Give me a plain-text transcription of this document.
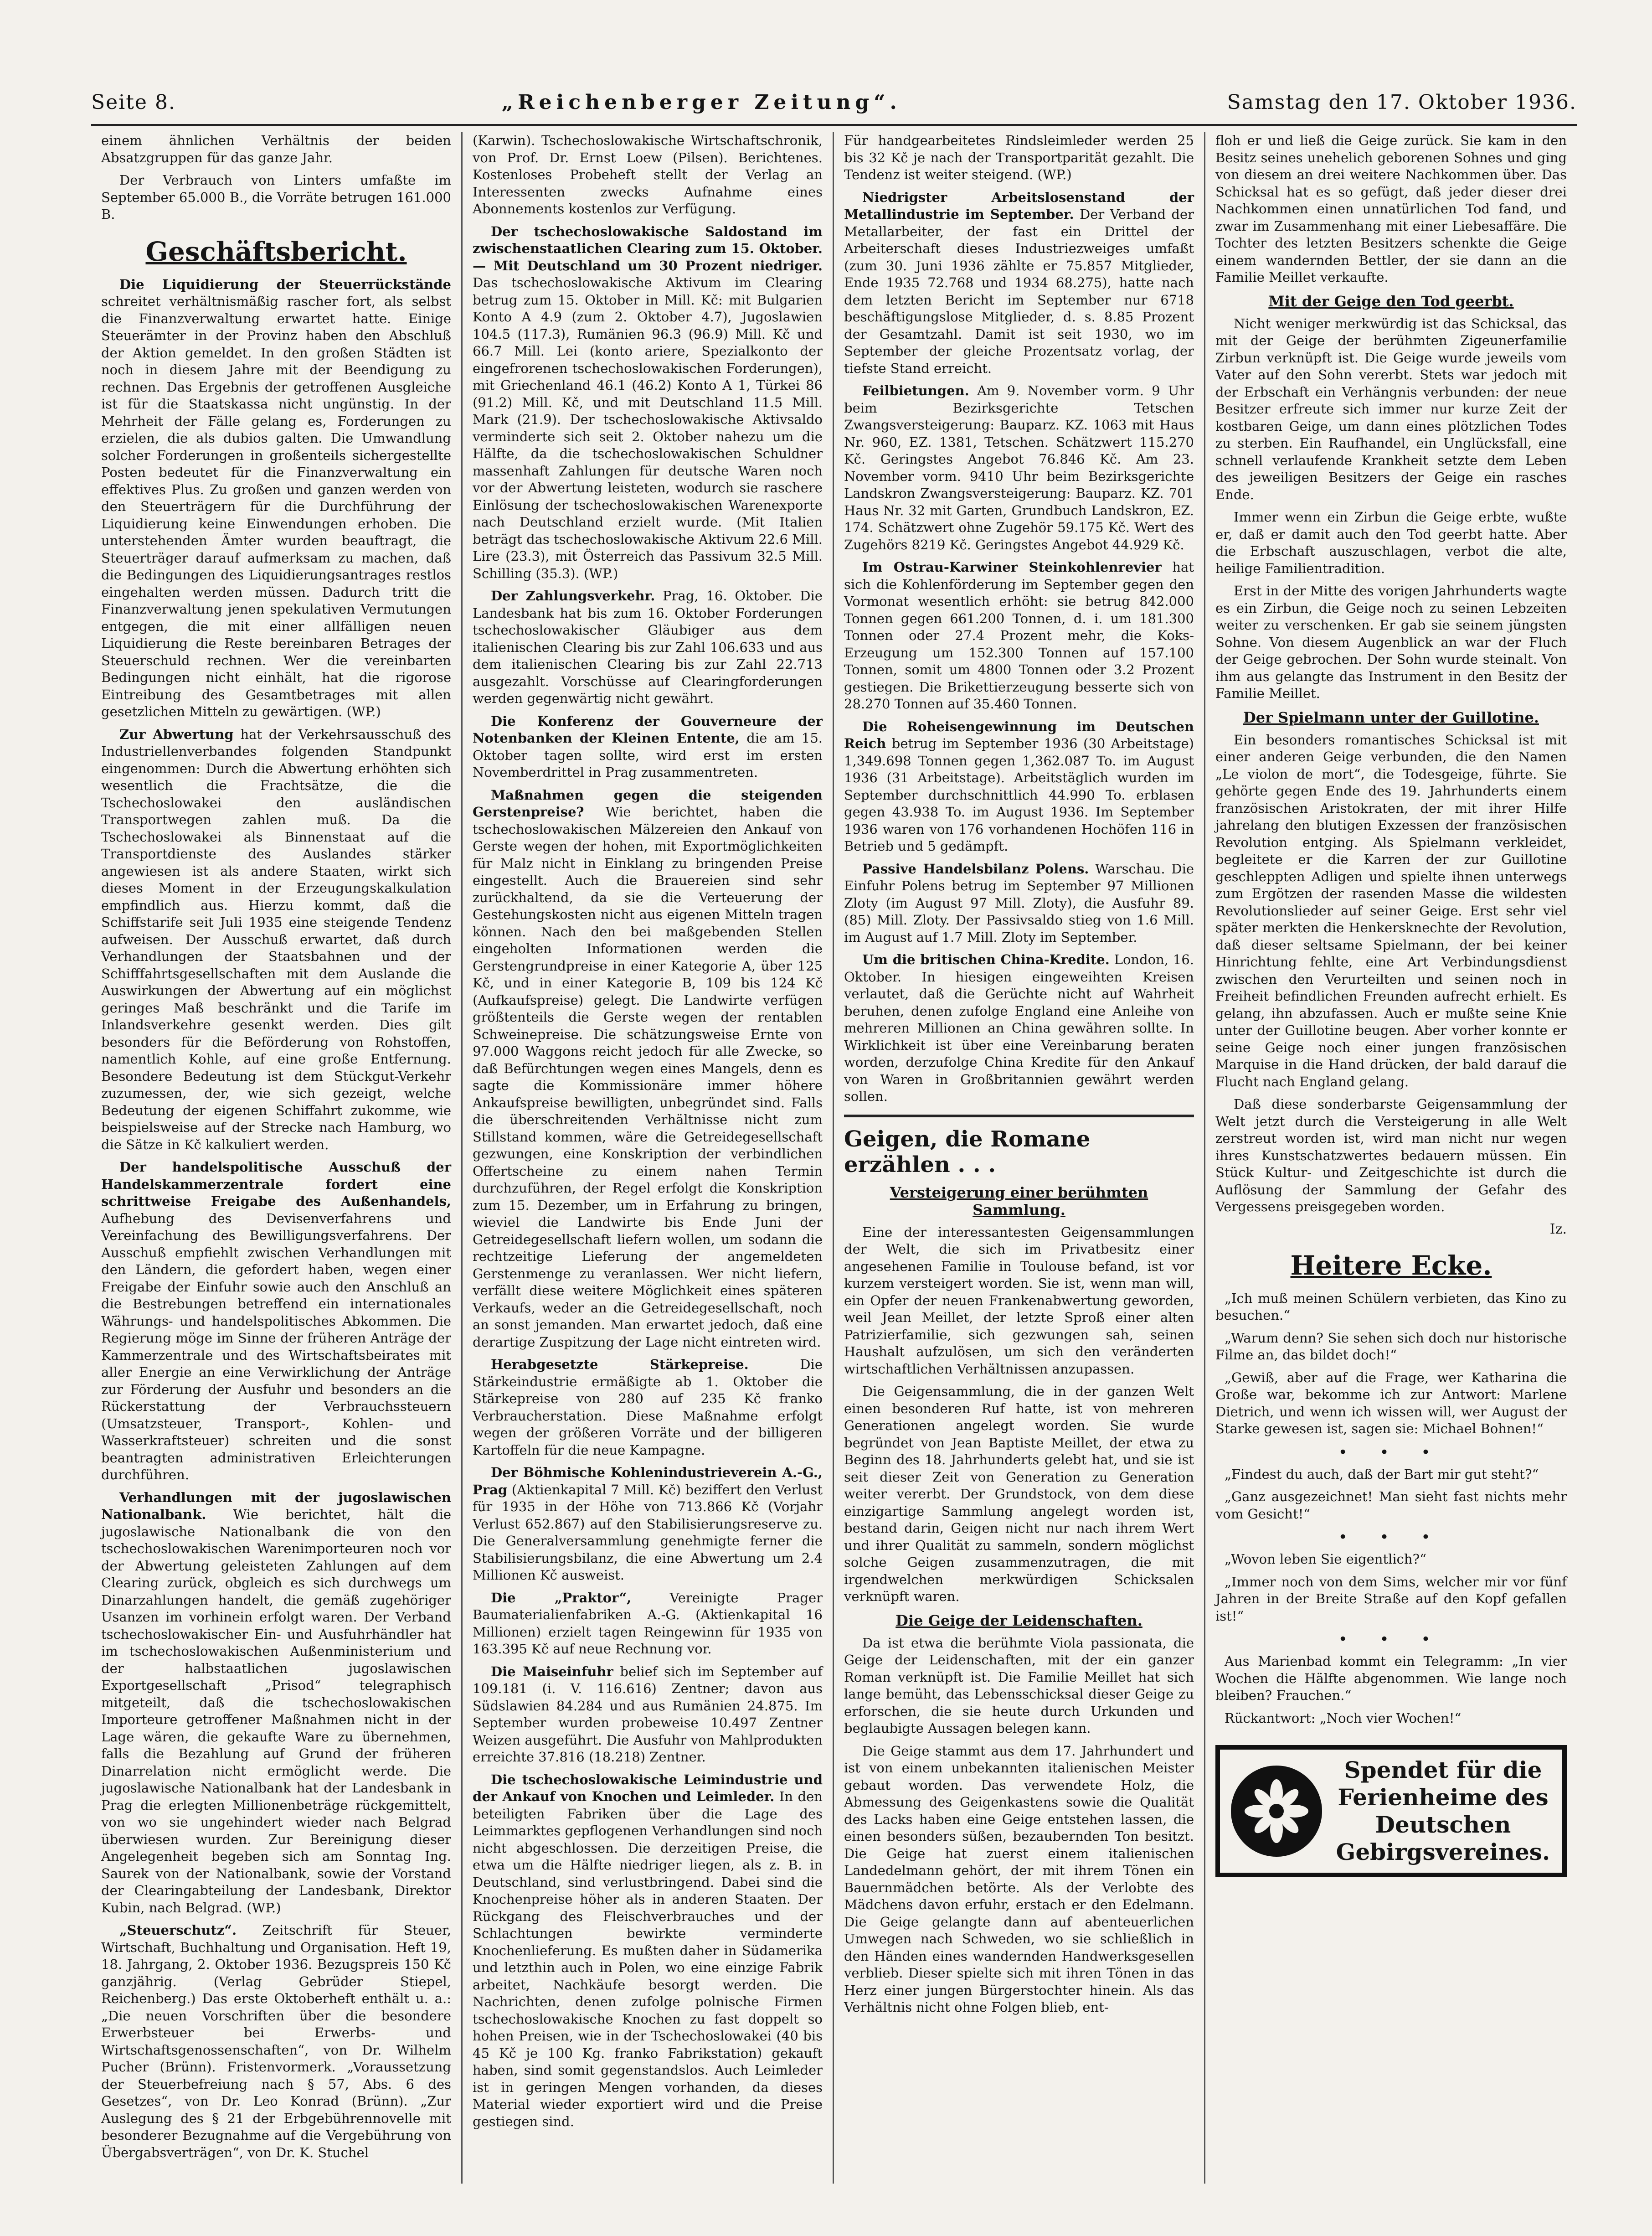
Seite 8.	„Reichenberger Zeitung“.	Samstag den 17. Oktober 1936.

einem ähnlichen Verhältnis der beiden Absatzgruppen für das ganze Jahr.

Der Verbrauch von Linters umfaßte im September 65.000 B., die Vorräte betrugen 161.000 B.

Geschäftsbericht.

Die Liquidierung der Steuerrückstände schreitet verhältnismäßig rascher fort, als selbst die Finanzverwaltung erwartet hatte. Einige Steuerämter in der Provinz haben den Abschluß der Aktion gemeldet. In den großen Städten ist noch in diesem Jahre mit der Beendigung zu rechnen. Das Ergebnis der getroffenen Ausgleiche ist für die Staatskassa nicht ungünstig. In der Mehrheit der Fälle gelang es, Forderungen zu erzielen, die als dubios galten. Die Umwandlung solcher Forderungen in großenteils sichergestellte Posten bedeutet für die Finanzverwaltung ein effektives Plus. Zu großen und ganzen werden von den Steuerträgern für die Durchführung der Liquidierung keine Einwendungen erhoben. Die unterstehenden Ämter wurden beauftragt, die Steuerträger darauf aufmerksam zu machen, daß die Bedingungen des Liquidierungsantrages restlos eingehalten werden müssen. Dadurch tritt die Finanzverwaltung jenen spekulativen Vermutungen entgegen, die mit einer allfälligen neuen Liquidierung die Reste bereinbaren Betrages der Steuerschuld rechnen. Wer die vereinbarten Bedingungen nicht einhält, hat die rigorose Eintreibung des Gesamtbetrages mit allen gesetzlichen Mitteln zu gewärtigen. (WP.)

Zur Abwertung hat der Verkehrsausschuß des Industriellenverbandes folgenden Standpunkt eingenommen: Durch die Abwertung erhöhten sich wesentlich die Frachtsätze, die die Tschechoslowakei den ausländischen Transportwegen zahlen muß. Da die Tschechoslowakei als Binnenstaat auf die Transportdienste des Auslandes stärker angewiesen ist als andere Staaten, wirkt sich dieses Moment in der Erzeugungskalkulation empfindlich aus. Hierzu kommt, daß die Schiffstarife seit Juli 1935 eine steigende Tendenz aufweisen. Der Ausschuß erwartet, daß durch Verhandlungen der Staatsbahnen und der Schifffahrtsgesellschaften mit dem Auslande die Auswirkungen der Abwertung auf ein möglichst geringes Maß beschränkt und die Tarife im Inlandsverkehre gesenkt werden. Dies gilt besonders für die Beförderung von Rohstoffen, namentlich Kohle, auf eine große Entfernung. Besondere Bedeutung ist dem Stückgut-Verkehr zuzumessen, der, wie sich gezeigt, welche Bedeutung der eigenen Schiffahrt zukomme, wie beispielsweise auf der Strecke nach Hamburg, wo die Sätze in Kč kalkuliert werden.

Der handelspolitische Ausschuß der Handelskammerzentrale fordert eine schrittweise Freigabe des Außenhandels, Aufhebung des Devisenverfahrens und Vereinfachung des Bewilligungsverfahrens. Der Ausschuß empfiehlt zwischen Verhandlungen mit den Ländern, die gefordert haben, wegen einer Freigabe der Einfuhr sowie auch den Anschluß an die Bestrebungen betreffend ein internationales Währungs- und handelspolitisches Abkommen. Die Regierung möge im Sinne der früheren Anträge der Kammerzentrale und des Wirtschaftsbeirates mit aller Energie an eine Verwirklichung der Anträge zur Förderung der Ausfuhr und besonders an die Rückerstattung der Verbrauchssteuern (Umsatzsteuer, Transport-, Kohlen- und Wasserkraftsteuer) schreiten und die sonst beantragten administrativen Erleichterungen durchführen.

Verhandlungen mit der jugoslawischen Nationalbank. Wie berichtet, hält die jugoslawische Nationalbank die von den tschechoslowakischen Warenimporteuren noch vor der Abwertung geleisteten Zahlungen auf dem Clearing zurück, obgleich es sich durchwegs um Dinarzahlungen handelt, die gemäß zugehöriger Usanzen im vorhinein erfolgt waren. Der Verband tschechoslowakischer Ein- und Ausfuhrhändler hat im tschechoslowakischen Außenministerium und der halbstaatlichen jugoslawischen Exportgesellschaft „Prisod“ telegraphisch mitgeteilt, daß die tschechoslowakischen Importeure getroffener Maßnahmen nicht in der Lage wären, die gekaufte Ware zu übernehmen, falls die Bezahlung auf Grund der früheren Dinarrelation nicht ermöglicht werde. Die jugoslawische Nationalbank hat der Landesbank in Prag die erlegten Millionenbeträge rückgemittelt, von wo sie ungehindert wieder nach Belgrad überwiesen wurden. Zur Bereinigung dieser Angelegenheit begeben sich am Sonntag Ing. Saurek von der Nationalbank, sowie der Vorstand der Clearingabteilung der Landesbank, Direktor Kubin, nach Belgrad. (WP.)

„Steuerschutz“. Zeitschrift für Steuer, Wirtschaft, Buchhaltung und Organisation. Heft 19, 18. Jahrgang, 2. Oktober 1936. Bezugspreis 150 Kč ganzjährig. (Verlag Gebrüder Stiepel, Reichenberg.) Das erste Oktoberheft enthält u. a.: „Die neuen Vorschriften über die besondere Erwerbsteuer bei Erwerbs- und Wirtschaftsgenossenschaften“, von Dr. Wilhelm Pucher (Brünn). Fristenvormerk. „Voraussetzung der Steuerbefreiung nach § 57, Abs. 6 des Gesetzes“, von Dr. Leo Konrad (Brünn). „Zur Auslegung des § 21 der Erbgebührennovelle mit besonderer Bezugnahme auf die Vergebührung von Übergabsverträgen“, von Dr. K. Stuchel

(Karwin). Tschechoslowakische Wirtschaftschronik, von Prof. Dr. Ernst Loew (Pilsen). Berichtenes. Kostenloses Probeheft stellt der Verlag an Interessenten zwecks Aufnahme eines Abonnements kostenlos zur Verfügung.

Der tschechoslowakische Saldostand im zwischenstaatlichen Clearing zum 15. Oktober. — Mit Deutschland um 30 Prozent niedriger. Das tschechoslowakische Aktivum im Clearing betrug zum 15. Oktober in Mill. Kč: mit Bulgarien Konto A 4.9 (zum 2. Oktober 4.7), Jugoslawien 104.5 (117.3), Rumänien 96.3 (96.9) Mill. Kč und 66.7 Mill. Lei (konto ariere, Spezialkonto der eingefrorenen tschechoslowakischen Forderungen), mit Griechenland 46.1 (46.2) Konto A 1, Türkei 86 (91.2) Mill. Kč, und mit Deutschland 11.5 Mill. Mark (21.9). Der tschechoslowakische Aktivsaldo verminderte sich seit 2. Oktober nahezu um die Hälfte, da die tschechoslowakischen Schuldner massenhaft Zahlungen für deutsche Waren noch vor der Abwertung leisteten, wodurch sie raschere Einlösung der tschechoslowakischen Warenexporte nach Deutschland erzielt wurde. (Mit Italien beträgt das tschechoslowakische Aktivum 22.6 Mill. Lire (23.3), mit Österreich das Passivum 32.5 Mill. Schilling (35.3). (WP.)

Der Zahlungsverkehr. Prag, 16. Oktober. Die Landesbank hat bis zum 16. Oktober Forderungen tschechoslowakischer Gläubiger aus dem italienischen Clearing bis zur Zahl 106.633 und aus dem italienischen Clearing bis zur Zahl 22.713 ausgezahlt. Vorschüsse auf Clearingforderungen werden gegenwärtig nicht gewährt.

Die Konferenz der Gouverneure der Notenbanken der Kleinen Entente, die am 15. Oktober tagen sollte, wird erst im ersten Novemberdrittel in Prag zusammentreten.

Maßnahmen gegen die steigenden Gerstenpreise? Wie berichtet, haben die tschechoslowakischen Mälzereien den Ankauf von Gerste wegen der hohen, mit Exportmöglichkeiten für Malz nicht in Einklang zu bringenden Preise eingestellt. Auch die Brauereien sind sehr zurückhaltend, da sie die Verteuerung der Gestehungskosten nicht aus eigenen Mitteln tragen können. Nach den bei maßgebenden Stellen eingeholten Informationen werden die Gerstengrundpreise in einer Kategorie A, über 125 Kč, und in einer Kategorie B, 109 bis 124 Kč (Aufkaufspreise) gelegt. Die Landwirte verfügen größtenteils die Gerste wegen der rentablen Schweinepreise. Die schätzungsweise Ernte von 97.000 Waggons reicht jedoch für alle Zwecke, so daß Befürchtungen wegen eines Mangels, denn es sagte die Kommissionäre immer höhere Ankaufspreise bewilligten, unbegründet sind. Falls die überschreitenden Verhältnisse nicht zum Stillstand kommen, wäre die Getreidegesellschaft gezwungen, eine Konskription der verbindlichen Offertscheine zu einem nahen Termin durchzuführen, der Regel erfolgt die Konskription zum 15. Dezember, um in Erfahrung zu bringen, wieviel die Landwirte bis Ende Juni der Getreidegesellschaft liefern wollen, um sodann die rechtzeitige Lieferung der angemeldeten Gerstenmenge zu veranlassen. Wer nicht liefern, verfällt diese weitere Möglichkeit eines späteren Verkaufs, weder an die Getreidegesellschaft, noch an sonst jemanden. Man erwartet jedoch, daß eine derartige Zuspitzung der Lage nicht eintreten wird.

Herabgesetzte Stärkepreise.	Die Stärkeindustrie ermäßigte ab 1. Oktober die Stärkepreise von 280 auf 235 Kč franko Verbraucherstation. Diese Maßnahme erfolgt wegen der größeren Vorräte und der billigeren Kartoffeln für die neue Kampagne.

Der Böhmische Kohlenindustrieverein A.-G., Prag (Aktienkapital 7 Mill. Kč) beziffert den Verlust für 1935 in der Höhe von 713.866 Kč (Vorjahr Verlust 652.867) auf den Stabilisierungsreserve zu. Die Generalversammlung genehmigte ferner die Stabilisierungsbilanz, die eine Abwertung um 2.4 Millionen Kč ausweist.

Die „Praktor“,	Vereinigte Prager Baumaterialienfabriken A.-G. (Aktienkapital 16 Millionen) erzielt tagen Reingewinn für 1935 von 163.395 Kč auf neue Rechnung vor.

Die Maiseinfuhr belief sich im September auf 109.181 (i. V. 116.616) Zentner; davon aus Südslawien 84.284 und aus Rumänien 24.875. Im September wurden probeweise 10.497 Zentner Weizen ausgeführt. Die Ausfuhr von Mahlprodukten erreichte 37.816 (18.218) Zentner.

Die tschechoslowakische Leimindustrie und der Ankauf von Knochen und Leimleder. In den beteiligten Fabriken über die Lage des Leimmarktes gepflogenen Verhandlungen sind noch nicht abgeschlossen. Die derzeitigen Preise, die etwa um die Hälfte niedriger liegen, als z. B. in Deutschland, sind verlustbringend. Dabei sind die Knochenpreise höher als in anderen Staaten. Der Rückgang des Fleischverbrauches und der Schlachtungen bewirkte verminderte Knochenlieferung. Es mußten daher in Südamerika und letzthin auch in Polen, wo eine einzige Fabrik arbeitet, Nachkäufe besorgt werden. Die Nachrichten, denen zufolge polnische Firmen tschechoslowakische Knochen zu fast doppelt so hohen Preisen, wie in der Tschechoslowakei (40 bis 45 Kč je 100 Kg. franko Fabrikstation) gekauft haben, sind somit gegenstandslos. Auch Leimleder ist in geringen Mengen vorhanden, da dieses Material wieder exportiert wird und die Preise gestiegen sind.

Für handgearbeitetes Rindsleimleder werden 25 bis 32 Kč je nach der Transportparität gezahlt. Die Tendenz ist weiter steigend. (WP.)

Niedrigster Arbeitslosenstand der Metallindustrie im September. Der Verband der Metallarbeiter, der fast ein Drittel der Arbeiterschaft dieses Industriezweiges umfaßt (zum 30. Juni 1936 zählte er 75.857 Mitglieder, Ende 1935 72.768 und 1934 68.275), hatte nach dem letzten Bericht im September nur 6718 beschäftigungslose Mitglieder, d. s. 8.85 Prozent der Gesamtzahl. Damit ist seit 1930, wo im September der gleiche Prozentsatz vorlag, der tiefste Stand erreicht.

Feilbietungen. Am 9. November vorm. 9 Uhr beim Bezirksgerichte Tetschen Zwangsversteigerung: Bauparz. KZ. 1063 mit Haus Nr. 960, EZ. 1381, Tetschen. Schätzwert 115.270 Kč. Geringstes Angebot 76.846 Kč. Am 23. November vorm. 9410 Uhr beim Bezirksgerichte Landskron Zwangsversteigerung: Bauparz. KZ. 701 Haus Nr. 32 mit Garten, Grundbuch Landskron, EZ. 174. Schätzwert ohne Zugehör 59.175 Kč. Wert des Zugehörs 8219 Kč. Geringstes Angebot 44.929 Kč.

Im Ostrau-Karwiner Steinkohlenrevier hat sich die Kohlenförderung im September gegen den Vormonat wesentlich erhöht: sie betrug 842.000 Tonnen gegen 661.200 Tonnen, d. i. um 181.300 Tonnen oder 27.4 Prozent mehr, die Koks-Erzeugung um 152.300 Tonnen auf 157.100 Tonnen, somit um 4800 Tonnen oder 3.2 Prozent gestiegen. Die Brikettierzeugung besserte sich von 28.270 Tonnen auf 35.460 Tonnen.

Die Roheisengewinnung im Deutschen Reich betrug im September 1936 (30 Arbeitstage) 1,349.698 Tonnen gegen 1,362.087 To. im August 1936 (31 Arbeitstage). Arbeitstäglich wurden im September durchschnittlich 44.990 To. erblasen gegen 43.938 To. im August 1936. Im September 1936 waren von 176 vorhandenen Hochöfen 116 in Betrieb und 5 gedämpft.

Passive Handelsbilanz Polens. Warschau. Die Einfuhr Polens betrug im September 97 Millionen Zloty (im August 97 Mill. Zloty), die Ausfuhr 89. (85) Mill. Zloty. Der Passivsaldo stieg von 1.6 Mill. im August auf 1.7 Mill. Zloty im September.

Um die britischen China-Kredite. London, 16. Oktober. In hiesigen eingeweihten Kreisen verlautet, daß die Gerüchte nicht auf Wahrheit beruhen, denen zufolge England eine Anleihe von mehreren Millionen an China gewähren sollte. In Wirklichkeit ist über eine Vereinbarung beraten worden, derzufolge China Kredite für den Ankauf von Waren in Großbritannien gewährt werden sollen.

Geigen, die Romane erzählen . . .
Versteigerung einer berühmten Sammlung.

Eine der interessantesten Geigensammlungen der Welt, die sich im Privatbesitz einer angesehenen Familie in Toulouse befand, ist vor kurzem versteigert worden. Sie ist, wenn man will, ein Opfer der neuen Frankenabwertung geworden, weil Jean Meillet, der letzte Sproß einer alten Patrizierfamilie, sich gezwungen sah, seinen Haushalt aufzulösen, um sich den veränderten wirtschaftlichen Verhältnissen anzupassen.

Die Geigensammlung, die in der ganzen Welt einen besonderen Ruf hatte, ist von mehreren Generationen angelegt worden. Sie wurde begründet von Jean Baptiste Meillet, der etwa zu Beginn des 18. Jahrhunderts gelebt hat, und sie ist seit dieser Zeit von Generation zu Generation weiter vererbt. Der Grundstock, von dem diese einzigartige Sammlung angelegt worden ist, bestand darin, Geigen nicht nur nach ihrem Wert und ihrer Qualität zu sammeln, sondern möglichst solche Geigen zusammenzutragen, die mit irgendwelchen merkwürdigen Schicksalen verknüpft waren.

Die Geige der Leidenschaften.

Da ist etwa die berühmte Viola passionata, die Geige der Leidenschaften, mit der ein ganzer Roman verknüpft ist. Die Familie Meillet hat sich lange bemüht, das Lebensschicksal dieser Geige zu erforschen, die sie heute durch Urkunden und beglaubigte Aussagen belegen kann.

Die Geige stammt aus dem 17. Jahrhundert und ist von einem unbekannten italienischen Meister gebaut worden. Das verwendete Holz, die Abmessung des Geigenkastens sowie die Qualität des Lacks haben eine Geige entstehen lassen, die einen besonders süßen, bezaubernden Ton besitzt. Die Geige hat zuerst einem italienischen Landedelmann gehört, der mit ihrem Tönen ein Bauernmädchen betörte. Als der Verlobte des Mädchens davon erfuhr, erstach er den Edelmann. Die Geige gelangte dann auf abenteuerlichen Umwegen nach Schweden, wo sie schließlich in den Händen eines wandernden Handwerksgesellen verblieb. Dieser spielte sich mit ihren Tönen in das Herz einer jungen Bürgerstochter hinein. Als das Verhältnis nicht ohne Folgen blieb, ent-

floh er und ließ die Geige zurück. Sie kam in den Besitz seines unehelich geborenen Sohnes und ging von diesem an drei weitere Nachkommen über. Das Schicksal hat es so gefügt, daß jeder dieser drei Nachkommen einen unnatürlichen Tod fand, und zwar im Zusammenhang mit einer Liebesaffäre. Die Tochter des letzten Besitzers schenkte die Geige einem wandernden Bettler, der sie dann an die Familie Meillet verkaufte.

Mit der Geige den Tod geerbt.

Nicht weniger merkwürdig ist das Schicksal, das mit der Geige der berühmten Zigeunerfamilie Zirbun verknüpft ist. Die Geige wurde jeweils vom Vater auf den Sohn vererbt. Stets war jedoch mit der Erbschaft ein Verhängnis verbunden: der neue Besitzer erfreute sich immer nur kurze Zeit der kostbaren Geige, um dann eines plötzlichen Todes zu sterben. Ein Raufhandel, ein Unglücksfall, eine schnell verlaufende Krankheit setzte dem Leben des jeweiligen Besitzers der Geige ein rasches Ende.

Immer wenn ein Zirbun die Geige erbte, wußte er, daß er damit auch den Tod geerbt hatte. Aber die Erbschaft auszuschlagen, verbot die alte, heilige Familientradition.

Erst in der Mitte des vorigen Jahrhunderts wagte es ein Zirbun, die Geige noch zu seinen Lebzeiten weiter zu verschenken. Er gab sie seinem jüngsten Sohne. Von diesem Augenblick an war der Fluch der Geige gebrochen. Der Sohn wurde steinalt. Von ihm aus gelangte das Instrument in den Besitz der Familie Meillet.

Der Spielmann unter der Guillotine.

Ein besonders romantisches Schicksal ist mit einer anderen Geige verbunden, die den Namen „Le violon de mort“, die Todesgeige, führte. Sie gehörte gegen Ende des 19. Jahrhunderts einem französischen Aristokraten, der mit ihrer Hilfe jahrelang den blutigen Exzessen der französischen Revolution entging. Als Spielmann verkleidet, begleitete er die Karren der zur Guillotine geschleppten Adligen und spielte ihnen unterwegs zum Ergötzen der rasenden Masse die wildesten Revolutionslieder auf seiner Geige. Erst sehr viel später merkten die Henkersknechte der Revolution, daß dieser seltsame Spielmann, der bei keiner Hinrichtung fehlte, eine Art Verbindungsdienst zwischen den Verurteilten und seinen noch in Freiheit befindlichen Freunden aufrecht erhielt. Es gelang, ihn abzufassen. Auch er mußte seine Knie unter der Guillotine beugen. Aber vorher konnte er seine Geige noch einer jungen französischen Marquise in die Hand drücken, der bald darauf die Flucht nach England gelang.

Daß diese sonderbarste Geigensammlung der Welt jetzt durch die Versteigerung in alle Welt zerstreut worden ist, wird man nicht nur wegen ihres Kunstschatzwertes bedauern müssen. Ein Stück Kultur- und Zeitgeschichte ist durch die Auflösung der Sammlung der Gefahr des Vergessens preisgegeben worden.

Iz.
Heitere Ecke.

„Ich muß meinen Schülern verbieten, das Kino zu besuchen.“

„Warum denn? Sie sehen sich doch nur historische Filme an, das bildet doch!“

„Gewiß, aber auf die Frage, wer Katharina die Große war, bekomme ich zur Antwort: Marlene Dietrich, und wenn ich wissen will, wer August der Starke gewesen ist, sagen sie: Michael Bohnen!“

• • •

„Findest du auch, daß der Bart mir gut steht?“

„Ganz ausgezeichnet! Man sieht fast nichts mehr vom Gesicht!“

• • •

„Wovon leben Sie eigentlich?“

„Immer noch von dem Sims, welcher mir vor fünf Jahren in der Breite Straße auf den Kopf gefallen ist!“

• • •

Aus Marienbad kommt ein Telegramm: „In vier Wochen die Hälfte abgenommen. Wie lange noch bleiben? Frauchen.“

Rückantwort: „Noch vier Wochen!“

Spendet für die Ferienheime des Deutschen Gebirgsvereines.
